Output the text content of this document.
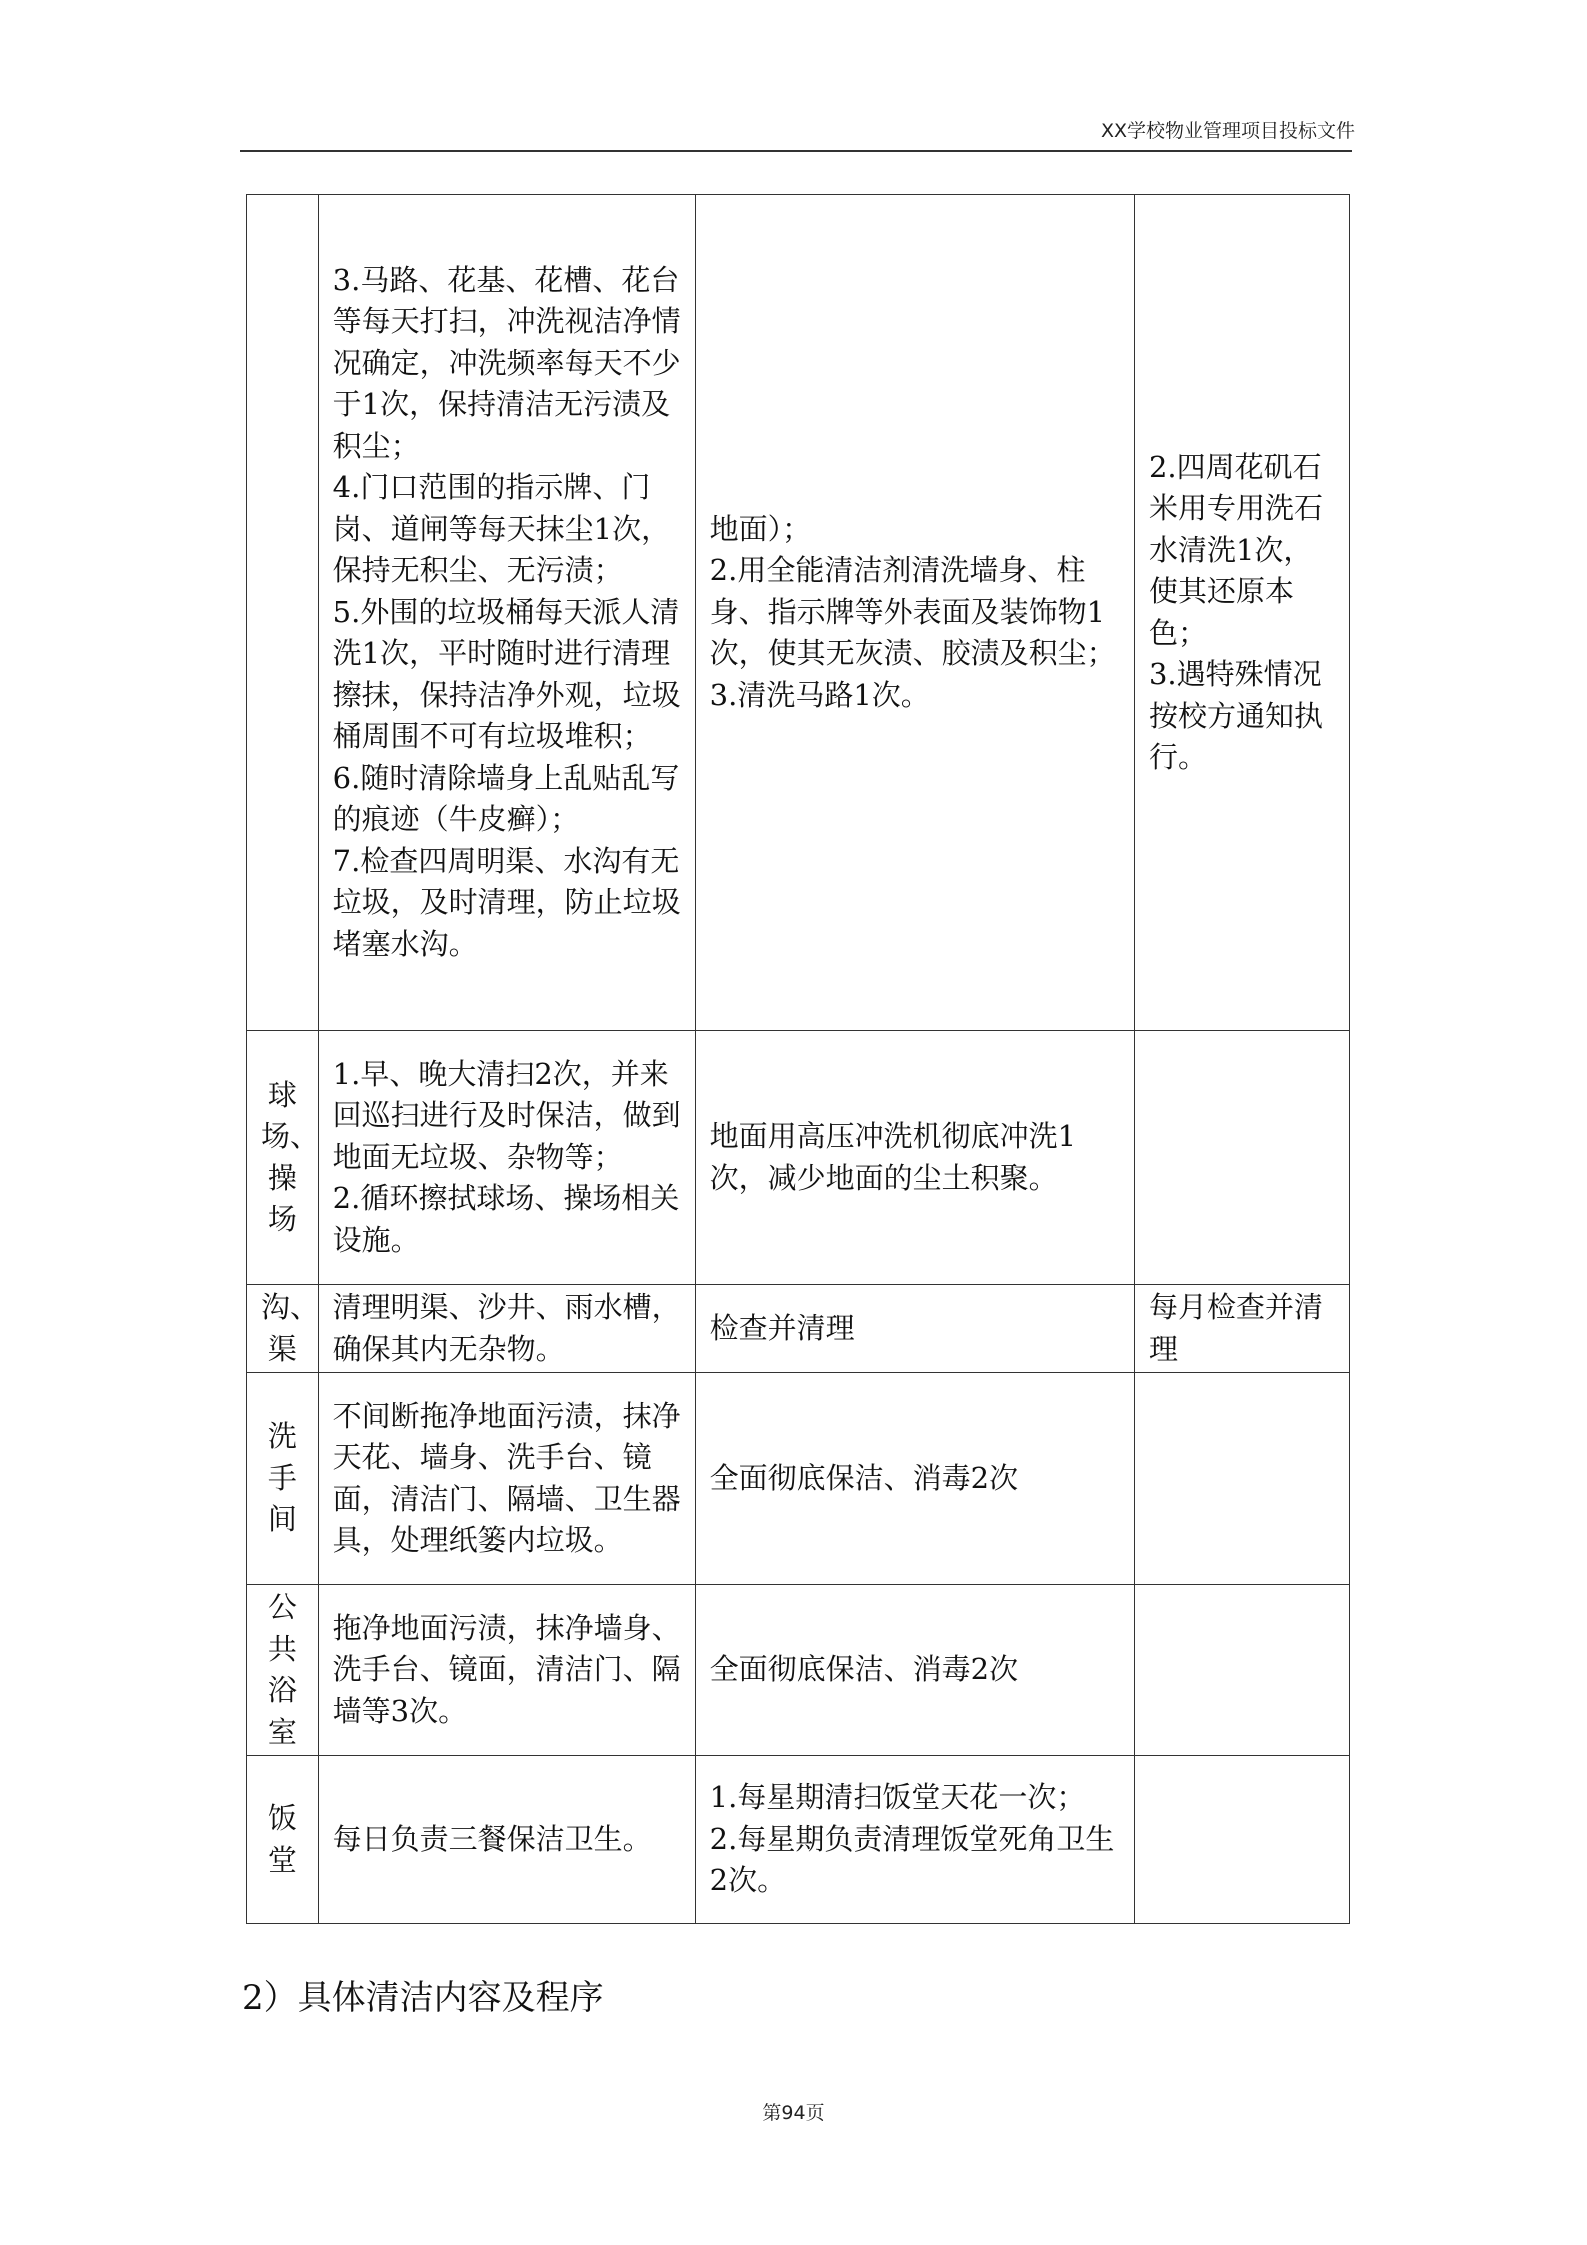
XX学校物业管理项目投标文件

	3.马路、花基、花槽、花台等每天打扫，冲洗视洁净情况确定，冲洗频率每天不少于1次，保持清洁无污渍及积尘；
4.门口范围的指示牌、门岗、道闸等每天抹尘1次，保持无积尘、无污渍；
5.外围的垃圾桶每天派人清洗1次，平时随时进行清理擦抹，保持洁净外观，垃圾桶周围不可有垃圾堆积；
6.随时清除墙身上乱贴乱写的痕迹（牛皮癣）；
7.检查四周明渠、水沟有无垃圾，及时清理，防止垃圾堵塞水沟。	地面）；
2.用全能清洁剂清洗墙身、柱身、指示牌等外表面及装饰物1次，使其无灰渍、胶渍及积尘；
3.清洗马路1次。	2.四周花矶石米用专用洗石水清洗1次，使其还原本色；
3.遇特殊情况按校方通知执行。

球场、操场	1.早、晚大清扫2次，并来回巡扫进行及时保洁，做到地面无垃圾、杂物等；
2.循环擦拭球场、操场相关设施。	地面用高压冲洗机彻底冲洗1次，减少地面的尘土积聚。	

沟、渠	清理明渠、沙井、雨水槽，确保其内无杂物。	检查并清理	每月检查并清理

洗手间	不间断拖净地面污渍，抹净天花、墙身、洗手台、镜面，清洁门、隔墙、卫生器具，处理纸篓内垃圾。	全面彻底保洁、消毒2次	

公共浴室	拖净地面污渍，抹净墙身、洗手台、镜面，清洁门、隔墙等3次。	全面彻底保洁、消毒2次	

饭堂	每日负责三餐保洁卫生。	1.每星期清扫饭堂天花一次；
2.每星期负责清理饭堂死角卫生2次。	

2）具体清洁内容及程序
第94页
